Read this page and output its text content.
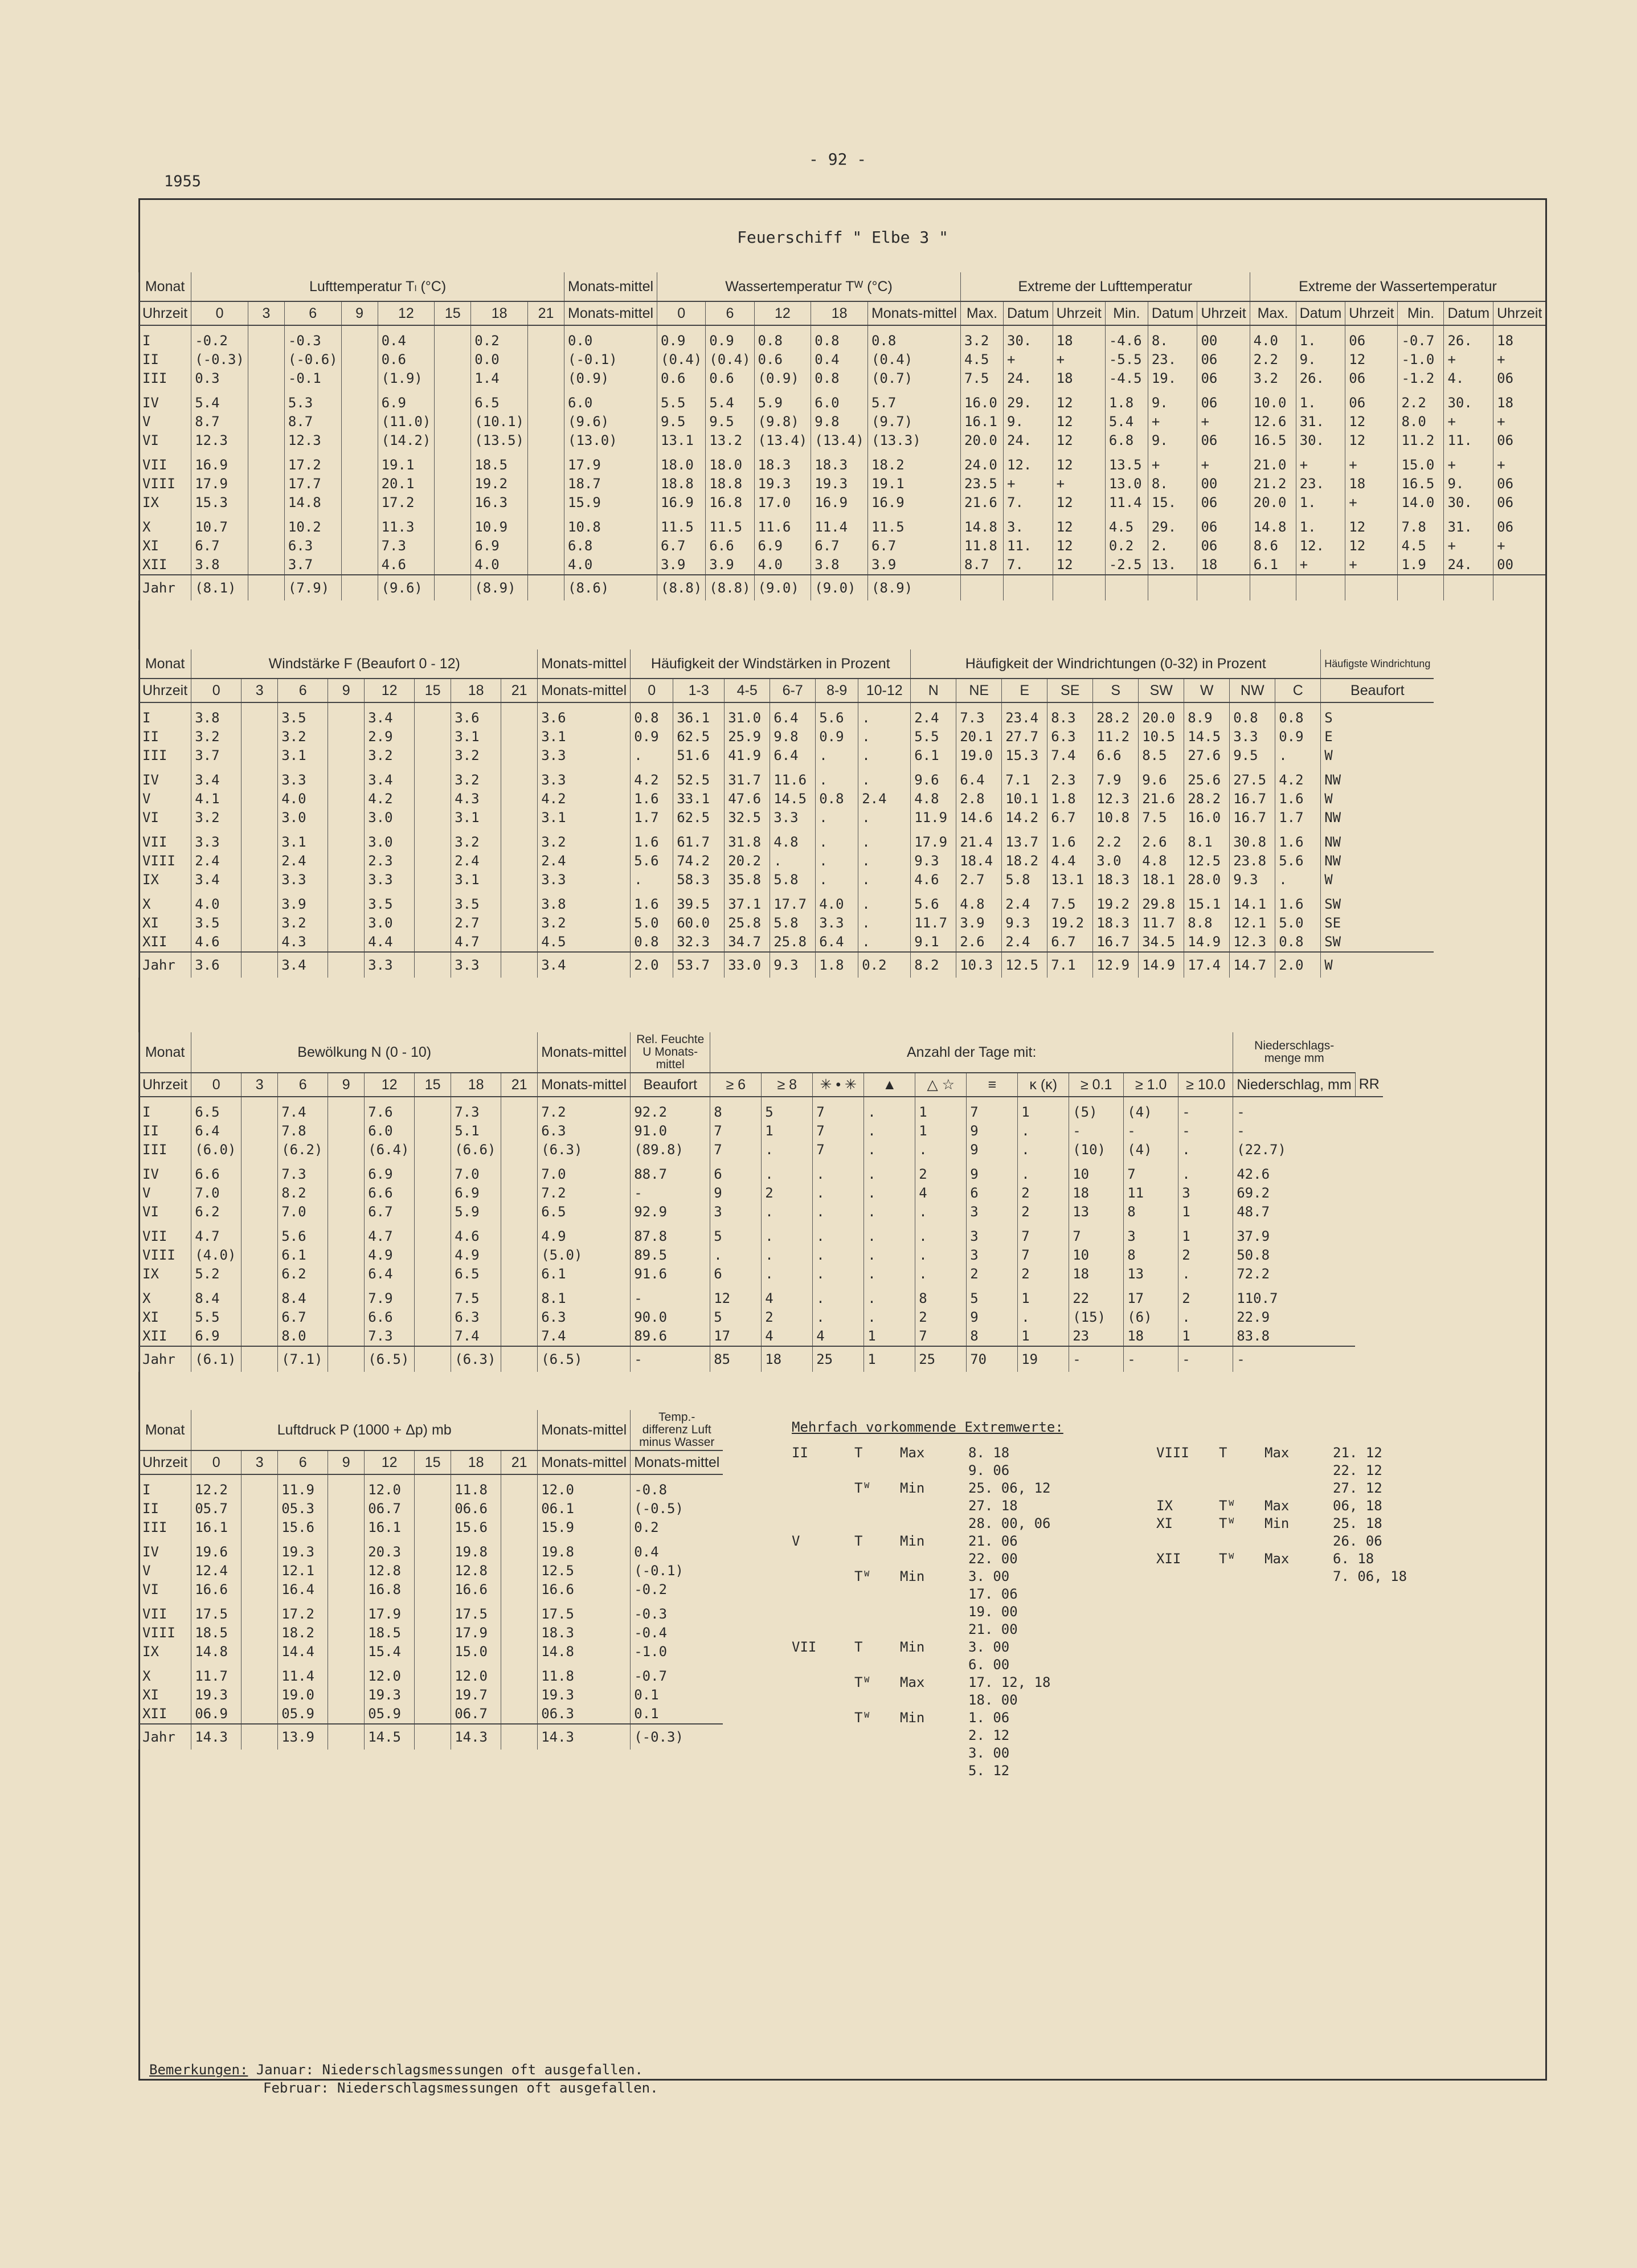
1955
- 92 -
Feuerschiff " Elbe 3 "
Monat	Lufttemperatur Tₗ (°C)								Monats-mittel	Wassertemperatur Tᵂ (°C)					Extreme der Lufttemperatur						Extreme der Wassertemperatur					
Uhrzeit	0	3	6	9	12	15	18	21	Monats-mittel	0	6	12	18	Monats-mittel	Max.	Datum	Uhrzeit	Min.	Datum	Uhrzeit	Max.	Datum	Uhrzeit	Min.	Datum	Uhrzeit
I	-0.2		-0.3		0.4		0.2		0.0	0.9	0.9	0.8	0.8	0.8	3.2	30.	18	-4.6	8.	00	4.0	1.	06	-0.7	26.	18
II	(-0.3)		(-0.6)		0.6		0.0		(-0.1)	(0.4)	(0.4)	0.6	0.4	(0.4)	4.5	+	+	-5.5	23.	06	2.2	9.	12	-1.0	+	+
III	0.3		-0.1		(1.9)		1.4		(0.9)	0.6	0.6	(0.9)	0.8	(0.7)	7.5	24.	18	-4.5	19.	06	3.2	26.	06	-1.2	4.	06
IV	5.4		5.3		6.9		6.5		6.0	5.5	5.4	5.9	6.0	5.7	16.0	29.	12	1.8	9.	06	10.0	1.	06	2.2	30.	18
V	8.7		8.7		(11.0)		(10.1)		(9.6)	9.5	9.5	(9.8)	9.8	(9.7)	16.1	9.	12	5.4	+	+	12.6	31.	12	8.0	+	+
VI	12.3		12.3		(14.2)		(13.5)		(13.0)	13.1	13.2	(13.4)	(13.4)	(13.3)	20.0	24.	12	6.8	9.	06	16.5	30.	12	11.2	11.	06
VII	16.9		17.2		19.1		18.5		17.9	18.0	18.0	18.3	18.3	18.2	24.0	12.	12	13.5	+	+	21.0	+	+	15.0	+	+
VIII	17.9		17.7		20.1		19.2		18.7	18.8	18.8	19.3	19.3	19.1	23.5	+	+	13.0	8.	00	21.2	23.	18	16.5	9.	06
IX	15.3		14.8		17.2		16.3		15.9	16.9	16.8	17.0	16.9	16.9	21.6	7.	12	11.4	15.	06	20.0	1.	+	14.0	30.	06
X	10.7		10.2		11.3		10.9		10.8	11.5	11.5	11.6	11.4	11.5	14.8	3.	12	4.5	29.	06	14.8	1.	12	7.8	31.	06
XI	6.7		6.3		7.3		6.9		6.8	6.7	6.6	6.9	6.7	6.7	11.8	11.	12	0.2	2.	06	8.6	12.	12	4.5	+	+
XII	3.8		3.7		4.6		4.0		4.0	3.9	3.9	4.0	3.8	3.9	8.7	7.	12	-2.5	13.	18	6.1	+	+	1.9	24.	00
Jahr	(8.1)		(7.9)		(9.6)		(8.9)		(8.6)	(8.8)	(8.8)	(9.0)	(9.0)	(8.9)												
Monat	Windstärke F (Beaufort 0 - 12)								Monats-mittel	Häufigkeit der Windstärken in Prozent						Häufigkeit der Windrichtungen (0-32) in Prozent									Häufigste Windrichtung
Uhrzeit	0	3	6	9	12	15	18	21	Monats-mittel	0	1-3	4-5	6-7	8-9	10-12	N	NE	E	SE	S	SW	W	NW	C	Beaufort
I	3.8		3.5		3.4		3.6		3.6	0.8	36.1	31.0	6.4	5.6	.	2.4	7.3	23.4	8.3	28.2	20.0	8.9	0.8	0.8	S
II	3.2		3.2		2.9		3.1		3.1	0.9	62.5	25.9	9.8	0.9	.	5.5	20.1	27.7	6.3	11.2	10.5	14.5	3.3	0.9	E
III	3.7		3.1		3.2		3.2		3.3	.	51.6	41.9	6.4	.	.	6.1	19.0	15.3	7.4	6.6	8.5	27.6	9.5	.	W
IV	3.4		3.3		3.4		3.2		3.3	4.2	52.5	31.7	11.6	.	.	9.6	6.4	7.1	2.3	7.9	9.6	25.6	27.5	4.2	NW
V	4.1		4.0		4.2		4.3		4.2	1.6	33.1	47.6	14.5	0.8	2.4	4.8	2.8	10.1	1.8	12.3	21.6	28.2	16.7	1.6	W
VI	3.2		3.0		3.0		3.1		3.1	1.7	62.5	32.5	3.3	.	.	11.9	14.6	14.2	6.7	10.8	7.5	16.0	16.7	1.7	NW
VII	3.3		3.1		3.0		3.2		3.2	1.6	61.7	31.8	4.8	.	.	17.9	21.4	13.7	1.6	2.2	2.6	8.1	30.8	1.6	NW
VIII	2.4		2.4		2.3		2.4		2.4	5.6	74.2	20.2	.	.	.	9.3	18.4	18.2	4.4	3.0	4.8	12.5	23.8	5.6	NW
IX	3.4		3.3		3.3		3.1		3.3	.	58.3	35.8	5.8	.	.	4.6	2.7	5.8	13.1	18.3	18.1	28.0	9.3	.	W
X	4.0		3.9		3.5		3.5		3.8	1.6	39.5	37.1	17.7	4.0	.	5.6	4.8	2.4	7.5	19.2	29.8	15.1	14.1	1.6	SW
XI	3.5		3.2		3.0		2.7		3.2	5.0	60.0	25.8	5.8	3.3	.	11.7	3.9	9.3	19.2	18.3	11.7	8.8	12.1	5.0	SE
XII	4.6		4.3		4.4		4.7		4.5	0.8	32.3	34.7	25.8	6.4	.	9.1	2.6	2.4	6.7	16.7	34.5	14.9	12.3	0.8	SW
Jahr	3.6		3.4		3.3		3.3		3.4	2.0	53.7	33.0	9.3	1.8	0.2	8.2	10.3	12.5	7.1	12.9	14.9	17.4	14.7	2.0	W
Monat	Bewölkung N (0 - 10)								Monats-mittel	Rel. Feuchte U Monats-mittel	Anzahl der Tage mit:										Niederschlags-menge mm	
Uhrzeit	0	3	6	9	12	15	18	21	Monats-mittel	Beaufort	≥ 6	≥ 8	✳ • ✳	▲	△ ☆	≡	ĸ (ĸ)	≥ 0.1	≥ 1.0	≥ 10.0	Niederschlag, mm	RR
I	6.5		7.4		7.6		7.3		7.2	92.2	8	5	7	.	1	7	1	(5)	(4)	-	-	
II	6.4		7.8		6.0		5.1		6.3	91.0	7	1	7	.	1	9	.	-	-	-	-	
III	(6.0)		(6.2)		(6.4)		(6.6)		(6.3)	(89.8)	7	.	7	.	.	9	.	(10)	(4)	.	(22.7)	
IV	6.6		7.3		6.9		7.0		7.0	88.7	6	.	.	.	2	9	.	10	7	.	42.6	
V	7.0		8.2		6.6		6.9		7.2	-	9	2	.	.	4	6	2	18	11	3	69.2	
VI	6.2		7.0		6.7		5.9		6.5	92.9	3	.	.	.	.	3	2	13	8	1	48.7	
VII	4.7		5.6		4.7		4.6		4.9	87.8	5	.	.	.	.	3	7	7	3	1	37.9	
VIII	(4.0)		6.1		4.9		4.9		(5.0)	89.5	.	.	.	.	.	3	7	10	8	2	50.8	
IX	5.2		6.2		6.4		6.5		6.1	91.6	6	.	.	.	.	2	2	18	13	.	72.2	
X	8.4		8.4		7.9		7.5		8.1	-	12	4	.	.	8	5	1	22	17	2	110.7	
XI	5.5		6.7		6.6		6.3		6.3	90.0	5	2	.	.	2	9	.	(15)	(6)	.	22.9	
XII	6.9		8.0		7.3		7.4		7.4	89.6	17	4	4	1	7	8	1	23	18	1	83.8	
Jahr	(6.1)		(7.1)		(6.5)		(6.3)		(6.5)	-	85	18	25	1	25	70	19	-	-	-	-	
Monat	Luftdruck P (1000 + Δp) mb								Monats-mittel	Temp.- differenz Luft minus Wasser
Uhrzeit	0	3	6	9	12	15	18	21	Monats-mittel	Monats-mittel
I	12.2		11.9		12.0		11.8		12.0	-0.8
II	05.7		05.3		06.7		06.6		06.1	(-0.5)
III	16.1		15.6		16.1		15.6		15.9	0.2
IV	19.6		19.3		20.3		19.8		19.8	0.4
V	12.4		12.1		12.8		12.8		12.5	(-0.1)
VI	16.6		16.4		16.8		16.6		16.6	-0.2
VII	17.5		17.2		17.9		17.5		17.5	-0.3
VIII	18.5		18.2		18.5		17.9		18.3	-0.4
IX	14.8		14.4		15.4		15.0		14.8	-1.0
X	11.7		11.4		12.0		12.0		11.8	-0.7
XI	19.3		19.0		19.3		19.7		19.3	0.1
XII	06.9		05.9		05.9		06.7		06.3	0.1
Jahr	14.3		13.9		14.5		14.3		14.3	(-0.3)
Mehrfach vorkommende Extremwerte:
II	T	Max	8. 18
9. 06
Tᵂ	Min	25. 06, 12
27. 18
28. 00, 06
V	T	Min	21. 06
22. 00
Tᵂ	Min	3. 00
17. 06
19. 00
21. 00
VII	T	Min	3. 00
6. 00
Tᵂ	Max	17. 12, 18
18. 00
Tᵂ	Min	1. 06
2. 12
3. 00
5. 12
VIII	T	Max	21. 12
22. 12
27. 12
IX	Tᵂ	Max	06, 18
XI	Tᵂ	Min	25. 18
26. 06
XII	Tᵂ	Max	6. 18
7. 06, 18
Bemerkungen: Januar: Niederschlagsmessungen oft ausgefallen.
Februar: Niederschlagsmessungen oft ausgefallen.
